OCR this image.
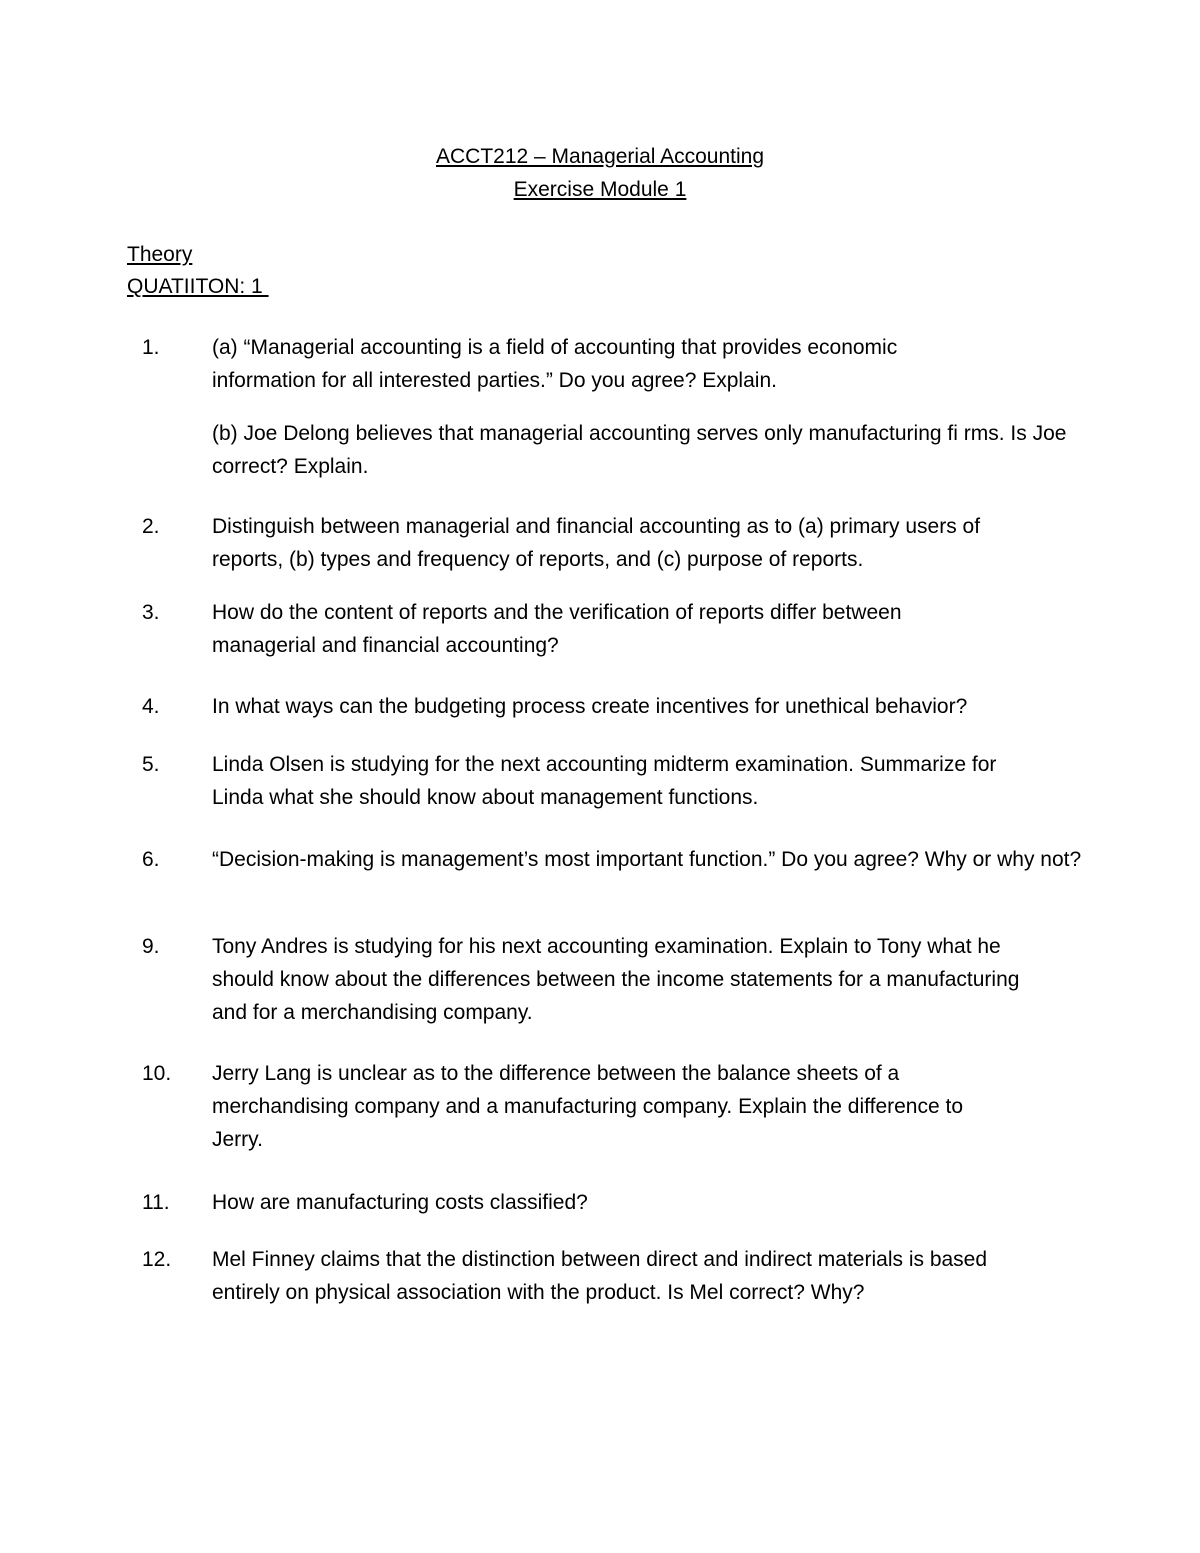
ACCT212 – Managerial Accounting
Exercise Module 1
Theory
QUATIITON: 1
1. (a) “Managerial accounting is a field of accounting that provides economic information for all interested parties.” Do you agree? Explain.
(b) Joe Delong believes that managerial accounting serves only manufacturing fi rms. Is Joe correct? Explain.
2. Distinguish between managerial and financial accounting as to (a) primary users of reports, (b) types and frequency of reports, and (c) purpose of reports.
3. How do the content of reports and the verification of reports differ between managerial and financial accounting?
4. In what ways can the budgeting process create incentives for unethical behavior?
5. Linda Olsen is studying for the next accounting midterm examination. Summarize for Linda what she should know about management functions.
6. “Decision-making is management’s most important function.” Do you agree? Why or why not?
9. Tony Andres is studying for his next accounting examination. Explain to Tony what he should know about the differences between the income statements for a manufacturing and for a merchandising company.
10. Jerry Lang is unclear as to the difference between the balance sheets of a merchandising company and a manufacturing company. Explain the difference to Jerry.
11. How are manufacturing costs classified?
12. Mel Finney claims that the distinction between direct and indirect materials is based entirely on physical association with the product. Is Mel correct? Why?
